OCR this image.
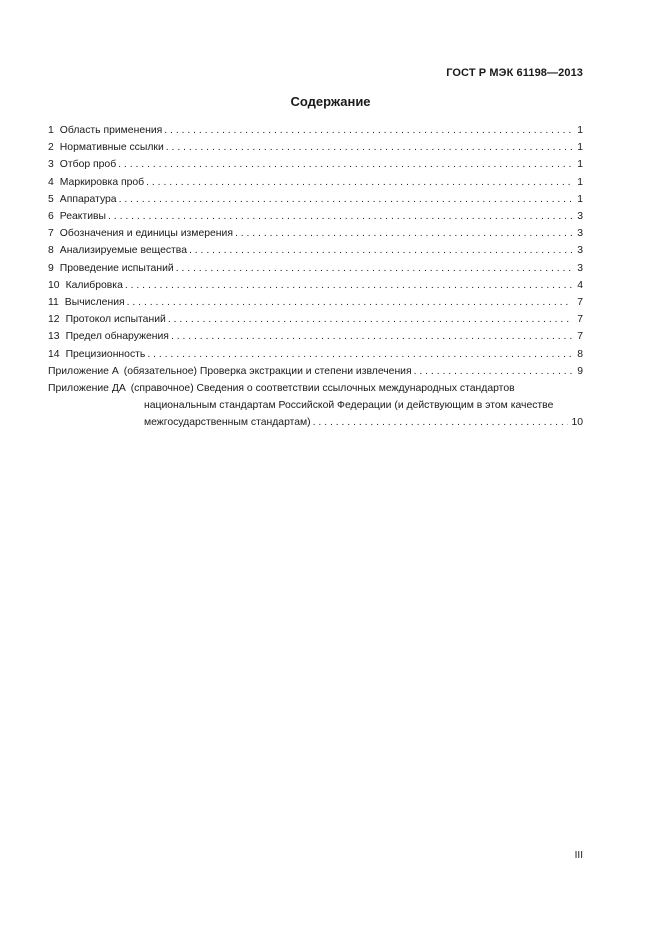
ГОСТ Р МЭК 61198—2013
Содержание
1 Область применения . . .	1
2 Нормативные ссылки . . .	1
3 Отбор проб . . .	1
4 Маркировка проб . . .	1
5 Аппаратура . . .	1
6 Реактивы . . .	3
7 Обозначения и единицы измерения . . .	3
8 Анализируемые вещества . . .	3
9 Проведение испытаний . . .	3
10 Калибровка . . .	4
11 Вычисления . . .	7
12 Протокол испытаний . . .	7
13 Предел обнаружения . . .	7
14 Прецизионность . . .	8
Приложение А (обязательное) Проверка экстракции и степени извлечения . . .	9
Приложение ДА (справочное) Сведения о соответствии ссылочных международных стандартов
национальным стандартам Российской Федерации (и действующим в этом качестве
межгосударственным стандартам) . . .	10
III
